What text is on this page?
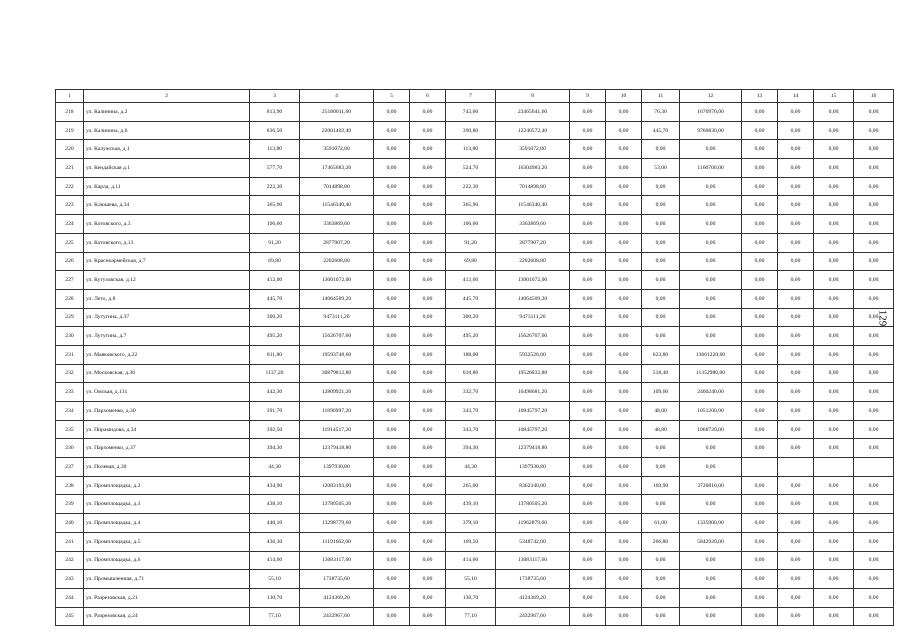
1	2	3	4	5	6	7	8	9	10	11	12	13	14	15	16
218	ул. Калинина, д.2	813,90	25180011,60	0,00	0,00	743,60	23465041,60	0,00	0,00	76,30	1670970,00	0,00	0,00	0,00	0,00
219	ул. Калинина, д.6	836,50	22001402,40	0,00	0,00	390,80	12240572,40	0,00	0,00	445,70	9760830,00	0,00	0,00	0,00	0,00
220	ул. Калужская, д.1	113,80	3591072,80	0,00	0,00	113,80	3591072,80	0,00	0,00	0,00	0,00	0,00	0,00	0,00	0,00
221	ул. Кендайская д.1	577,70	17465683,20	0,00	0,00	524,70	16304983,20	0,00	0,00	53,00	1160700,00	0,00	0,00	0,00	0,00
222	ул. Карла, д.11	222,30	7014898,80	0,00	0,00	222,30	7014898,80	0,00	0,00	0,00	0,00	0,00	0,00	0,00	0,00
223	ул. Клюшева, д.34	365,90	11546340,40	0,00	0,00	365,90	11546340,40	0,00	0,00	0,00	0,00	0,00	0,00	0,00	0,00
224	ул. Котовского, д.3	106,60	3363869,60	0,00	0,00	106,60	3363869,60	0,00	0,00	0,00	0,00	0,00	0,00	0,00	0,00
225	ул. Котовского, д.13	91,20	2877907,20	0,00	0,00	91,20	2877907,20	0,00	0,00	0,00	0,00	0,00	0,00	0,00	0,00
226	ул. Красноармейская, д.7	69,80	2202608,80	0,00	0,00	69,80	2202608,80	0,00	0,00	0,00	0,00	0,00	0,00	0,00	0,00
227	ул. Кутузовская, д.12	412,00	13001072,00	0,00	0,00	412,00	13001072,00	0,00	0,00	0,00	0,00	0,00	0,00	0,00	0,00
228	ул. Лето, д.8	445,70	14064509,20	0,00	0,00	445,70	14064509,20	0,00	0,00	0,00	0,00	0,00	0,00	0,00	0,00
229	ул. Лутугина, д.37	300,20	9473111,20	0,00	0,00	300,20	9473111,20	0,00	0,00	0,00	0,00	0,00	0,00	0,00	0,00
230	ул. Лутугина, д.7	495,20	15626707,60	0,00	0,00	495,20	15626707,60	0,00	0,00	0,00	0,00	0,00	0,00	0,00	0,00
231	ул. Маяковского, д.22	811,80	19593748,60	0,00	0,00	188,00	5932528,00	0,00	0,00	623,80	13661220,00	0,00	0,00	0,00	0,00
232	ул. Московская, д.36	1137,20	30879812,80	0,00	0,00	618,80	19526832,80	0,00	0,00	518,40	11352980,00	0,00	0,00	0,00	0,00
233	ул. Омская, д.131	442,30	12809921,20	0,00	0,00	332,70	10498681,20	0,00	0,00	109,60	2400240,00	0,00	0,00	0,00	0,00
234	ул. Пархоменко, д.30	391,70	11896997,20	0,00	0,00	343,70	10845797,20	0,00	0,00	48,00	1051200,00	0,00	0,00	0,00	0,00
235	ул. Пирамидова, д.34	392,50	11914517,20	0,00	0,00	343,70	10845797,20	0,00	0,00	48,80	1068720,00	0,00	0,00	0,00	0,00
236	ул. Пархоменко, д.37	394,30	12379418,80	0,00	0,00	394,30	12379418,80	0,00	0,00	0,00	0,00	0,00	0,00	0,00	0,00
237	ул. Полевая, д.30	44,30	1397930,80	0,00	0,00	44,30	1397930,80	0,00	0,00	0,00	0,00				
238	ул. Промплощадка, д.2	434,90	12083193,00	0,00	0,00	265,00	8362340,00	0,00	0,00	169,90	3720810,00	0,00	0,00	0,00	0,00
239	ул. Промплощадка, д.3	438,10	13780505,20	0,00	0,00	439,10	13780505,20	0,00	0,00	0,00	0,00	0,00	0,00	0,00	0,00
240	ул. Промплощадка, д.4	440,10	13298779,60	0,00	0,00	379,10	11962879,60	0,00	0,00	61,00	1335900,00	0,00	0,00	0,00	0,00
241	ул. Промплощадка, д.5	436,30	11191662,00	0,00	0,00	169,50	5348742,00	0,00	0,00	266,80	5842920,00	0,00	0,00	0,00	0,00
242	ул. Промплощадка, д.6	414,60	13083117,60	0,00	0,00	414,60	13083117,60	0,00	0,00	0,00	0,00	0,00	0,00	0,00	0,00
243	ул. Промышленная, д.71	55,10	1738735,60	0,00	0,00	55,10	1738735,60	0,00	0,00	0,00	0,00	0,00	0,00	0,00	0,00
244	ул. Разрезовская, д.21	130,70	4124369,20	0,00	0,00	130,70	4124369,20	0,00	0,00	0,00	0,00	0,00	0,00	0,00	0,00
245	ул. Разрезовская, д.24	77,10	2432967,60	0,00	0,00	77,10	2432967,60	0,00	0,00	0,00	0,00	0,00	0,00	0,00	0,00
129
